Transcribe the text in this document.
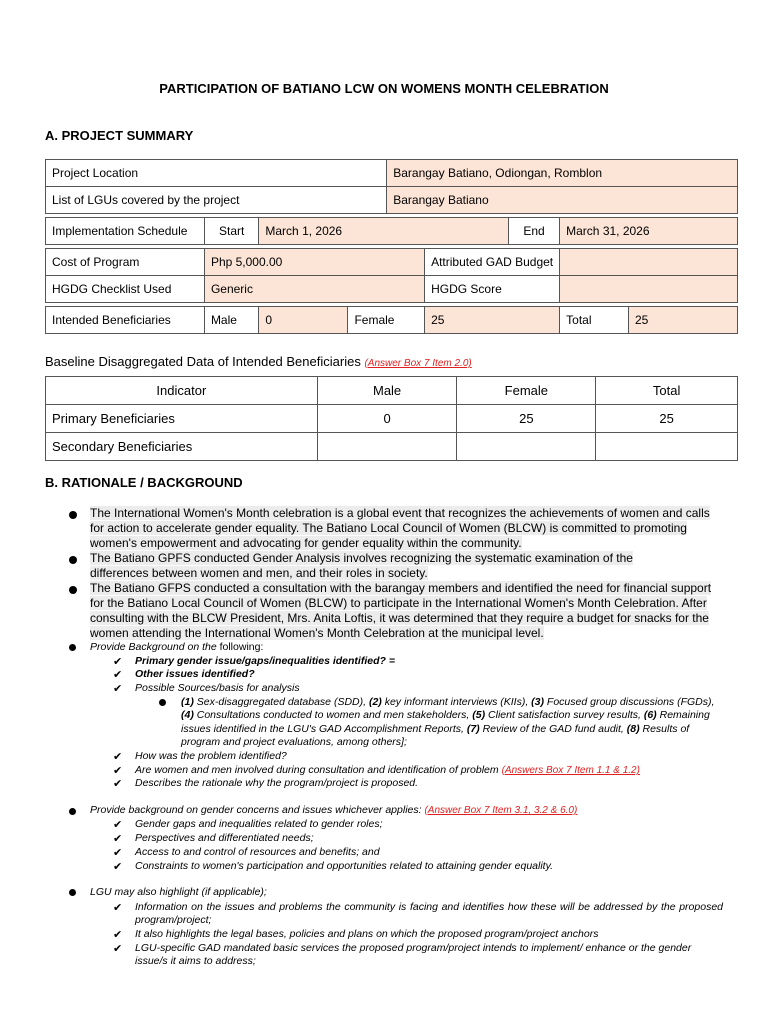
PARTICIPATION OF BATIANO LCW ON WOMENS MONTH CELEBRATION
A. PROJECT SUMMARY
Project Location				Barangay Batiano, Odiongan, Romblon				
List of LGUs covered by the project				Barangay Batiano				

Implementation Schedule	Start	March 1, 2026				End	March 31, 2026	

Cost of Program	Php 5,000.00				Attributed GAD Budget			
HGDG Checklist Used	Generic				HGDG Score			

Intended Beneficiaries	Male	0	Female		25		Total	25
Baseline Disaggregated Data of Intended Beneficiaries (Answer Box 7 Item 2.0)
Indicator	Male	Female	Total
Primary Beneficiaries	0	25	25
Secondary Beneficiaries			
B. RATIONALE / BACKGROUND
The International Women's Month celebration is a global event that recognizes the achievements of women and calls for action to accelerate gender equality. The Batiano Local Council of Women (BLCW) is committed to promoting women's empowerment and advocating for gender equality within the community.
The Batiano GPFS conducted Gender Analysis involves recognizing the systematic examination of the differences between women and men, and their roles in society.
The Batiano GFPS conducted a consultation with the barangay members and identified the need for financial support for the Batiano Local Council of Women (BLCW) to participate in the International Women's Month Celebration. After consulting with the BLCW President, Mrs. Anita Loftis, it was determined that they require a budget for snacks for the women attending the International Women's Month Celebration at the municipal level.
Provide Background on the following:
✔ Primary gender issue/gaps/inequalities identified? =
✔ Other issues identified?
✔ Possible Sources/basis for analysis
(1) Sex-disaggregated database (SDD), (2) key informant interviews (KIIs), (3) Focused group discussions (FGDs), (4) Consultations conducted to women and men stakeholders, (5) Client satisfaction survey results, (6) Remaining issues identified in the LGU's GAD Accomplishment Reports, (7) Review of the GAD fund audit, (8) Results of program and project evaluations, among others];
✔ How was the problem identified?
✔ Are women and men involved during consultation and identification of problem (Answers Box 7 Item 1.1 & 1.2)
✔ Describes the rationale why the program/project is proposed.
Provide background on gender concerns and issues whichever applies: (Answer Box 7 Item 3.1, 3.2 & 6.0)
✔ Gender gaps and inequalities related to gender roles;
✔ Perspectives and differentiated needs;
✔ Access to and control of resources and benefits; and
✔ Constraints to women's participation and opportunities related to attaining gender equality.
LGU may also highlight (if applicable);
✔ Information on the issues and problems the community is facing and identifies how these will be addressed by the proposed program/project;
✔ It also highlights the legal bases, policies and plans on which the proposed program/project anchors
✔ LGU-specific GAD mandated basic services the proposed program/project intends to implement/ enhance or the gender issue/s it aims to address;
